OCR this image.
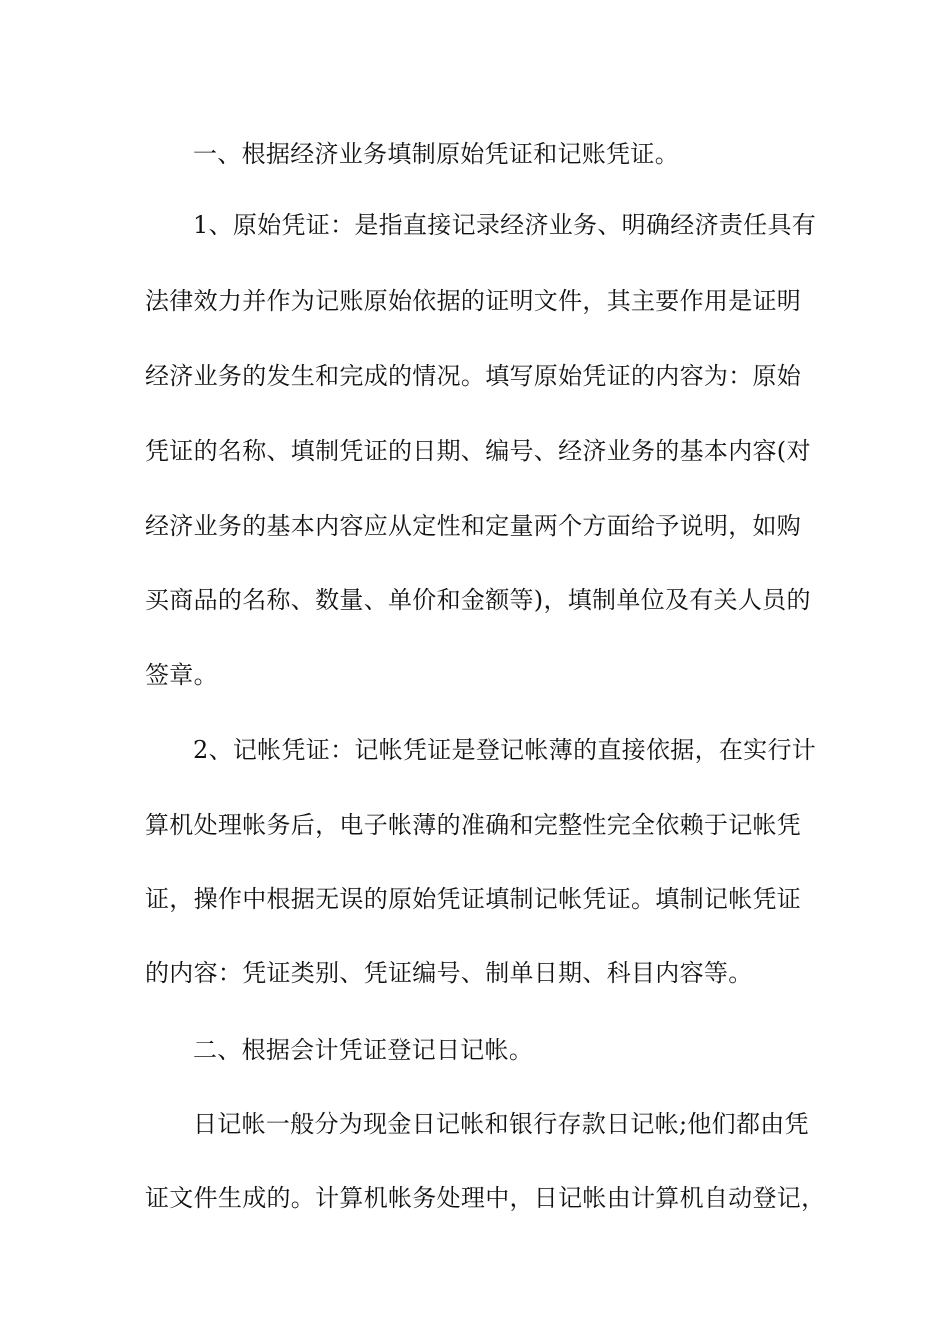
一、根据经济业务填制原始凭证和记账凭证。
1、原始凭证：是指直接记录经济业务、明确经济责任具有
法律效力并作为记账原始依据的证明文件，其主要作用是证明
经济业务的发生和完成的情况。填写原始凭证的内容为：原始
凭证的名称、填制凭证的日期、编号、经济业务的基本内容(对
经济业务的基本内容应从定性和定量两个方面给予说明，如购
买商品的名称、数量、单价和金额等)，填制单位及有关人员的
签章。
2、记帐凭证：记帐凭证是登记帐薄的直接依据，在实行计
算机处理帐务后，电子帐薄的准确和完整性完全依赖于记帐凭
证，操作中根据无误的原始凭证填制记帐凭证。填制记帐凭证
的内容：凭证类别、凭证编号、制单日期、科目内容等。
二、根据会计凭证登记日记帐。
日记帐一般分为现金日记帐和银行存款日记帐;他们都由凭
证文件生成的。计算机帐务处理中，日记帐由计算机自动登记，
